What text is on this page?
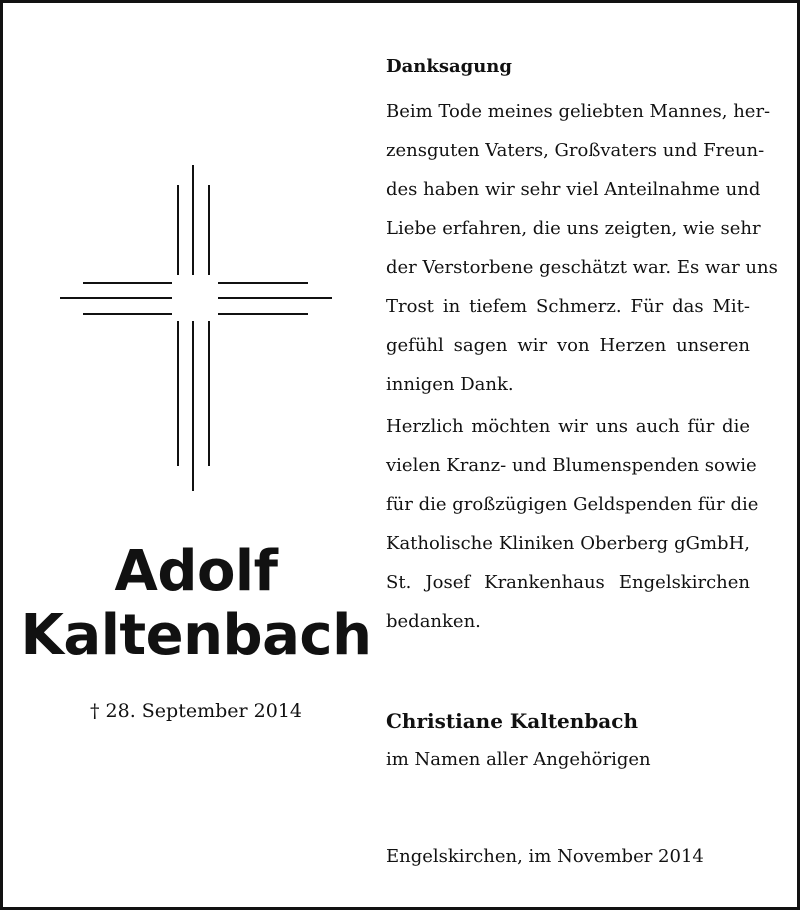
Adolf
Kaltenbach
† 28. September 2014
Danksagung
Beim Tode meines geliebten Mannes, her-
zensguten Vaters, Großvaters und Freun-
des haben wir sehr viel Anteilnahme und
Liebe erfahren, die uns zeigten, wie sehr
der Verstorbene geschätzt war. Es war uns
Trost in tiefem Schmerz. Für das Mit-
gefühl sagen wir von Herzen unseren
innigen Dank.
Herzlich möchten wir uns auch für die
vielen Kranz- und Blumenspenden sowie
für die großzügigen Geldspenden für die
Katholische Kliniken Oberberg gGmbH,
St. Josef Krankenhaus Engelskirchen
bedanken.
Christiane Kaltenbach
im Namen aller Angehörigen
Engelskirchen, im November 2014
